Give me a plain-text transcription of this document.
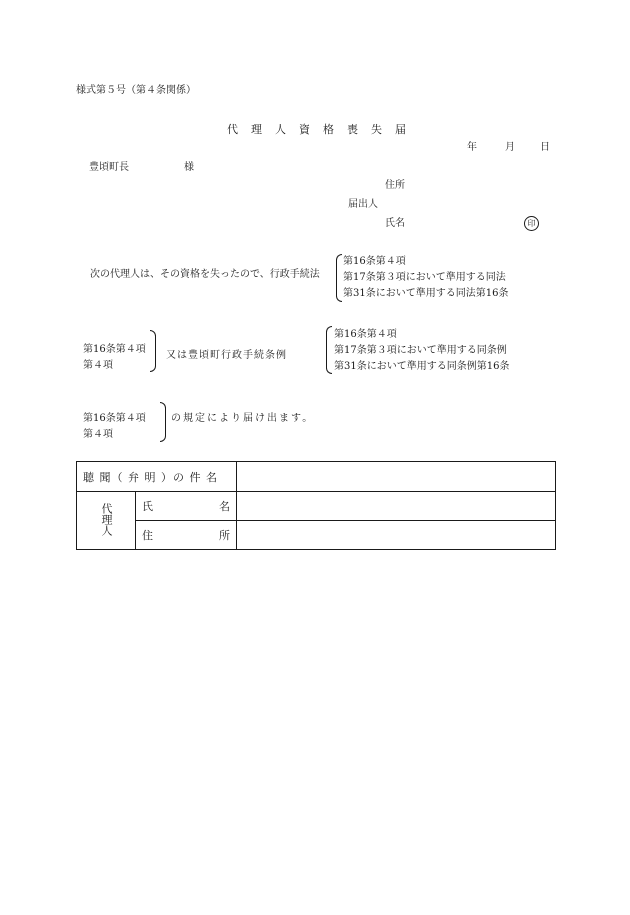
様式第５号（第４条関係）
代　理　人　資　格　喪　失　届
年	月	日
豊頃町長	様
住所
届出人
氏名	印
次の代理人は、その資格を失ったので、行政手続法
第16条第４項
第17条第３項において準用する同法
第31条において準用する同法第16条
第16条第４項
第４項
又は豊頃町行政手続条例
第16条第４項
第17条第３項において準用する同条例
第31条において準用する同条例第16条
第16条第４項
第４項
の規定により届け出ます。
聴 聞（ 弁 明 ）の 件 名		
代理人	氏 名	

	住 所	
